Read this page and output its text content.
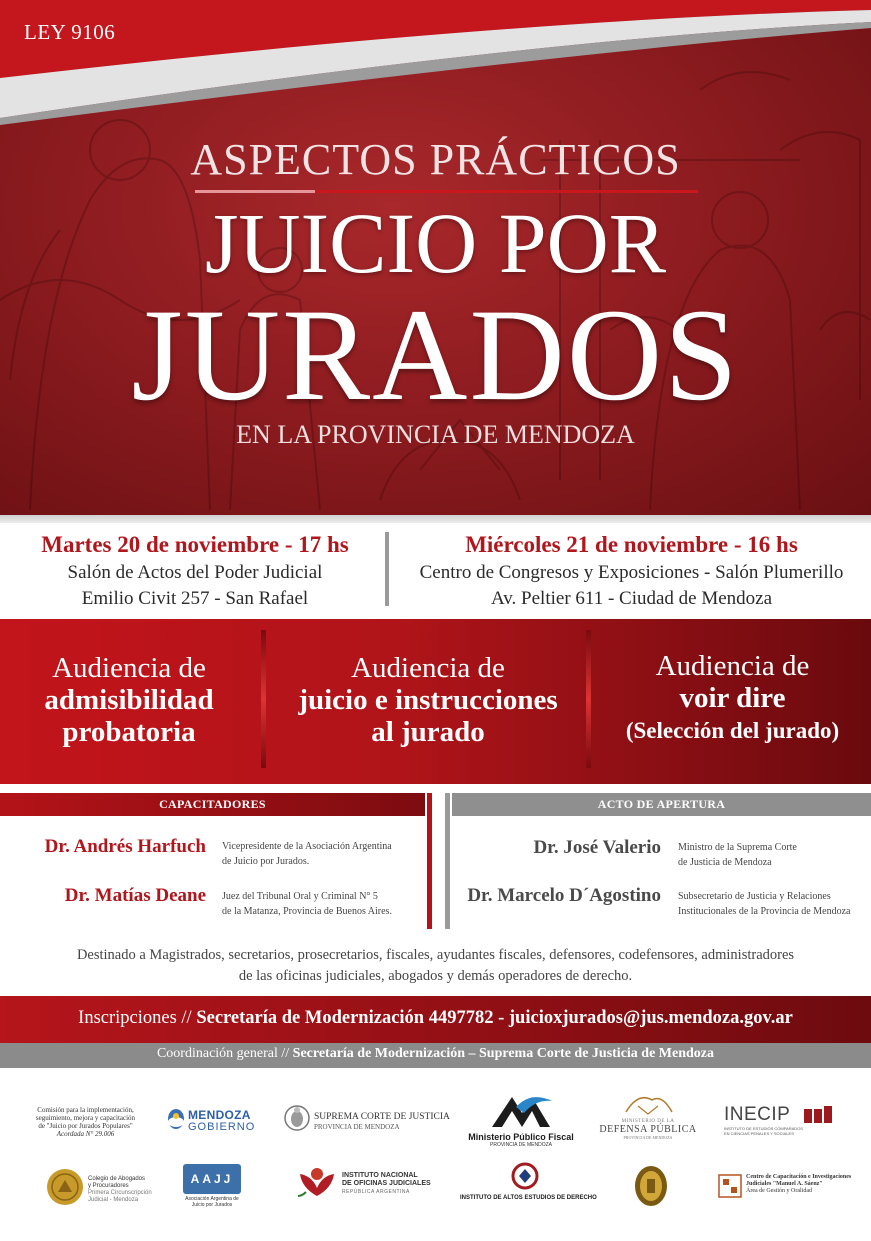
LEY 9106
ASPECTOS PRÁCTICOS
JUICIO POR
JURADOS
EN LA PROVINCIA DE MENDOZA
Martes 20 de noviembre - 17 hs
Salón de Actos del Poder Judicial
Emilio Civit 257 - San Rafael
Miércoles 21 de noviembre - 16 hs
Centro de Congresos y Exposiciones - Salón Plumerillo
Av. Peltier 611 - Ciudad de Mendoza
Audiencia de
admisibilidad
probatoria
Audiencia de
juicio e instrucciones
al jurado
Audiencia de
voir dire
(Selección del jurado)
CAPACITADORES	ACTO DE APERTURA
Dr. Andrés Harfuch Vicepresidente de la Asociación Argentina
de Juicio por Jurados.
Dr. Matías Deane Juez del Tribunal Oral y Criminal N° 5
de la Matanza, Provincia de Buenos Aires.
Dr. José Valerio Ministro de la Suprema Corte
de Justicia de Mendoza
Dr. Marcelo D´Agostino Subsecretario de Justicia y Relaciones
Institucionales de la Provincia de Mendoza
Destinado a Magistrados, secretarios, prosecretarios, fiscales, ayudantes fiscales, defensores, codefensores, administradores
de las oficinas judiciales, abogados y demás operadores de derecho.
Inscripciones // Secretaría de Modernización 4497782 - juicioxjurados@jus.mendoza.gov.ar
Coordinación general // Secretaría de Modernización – Suprema Corte de Justicia de Mendoza
Comisión para la implementación,
seguimiento, mejora y capacitación
de "Juicio por Jurados Populares"
Acordada N° 29.006
MENDOZA
GOBIERNO
SUPREMA CORTE DE JUSTICIA
PROVINCIA DE MENDOZA
Ministerio Público Fiscal
PROVINCIA DE MENDOZA
MINISTERIO DE LA
DEFENSA PÚBLICA
PROVINCIA DE MENDOZA
INECIP
INSTITUTO DE ESTUDIOS COMPARADOS
EN CIENCIAS PENALES Y SOCIALES
Colegio de Abogados
y Procuradores
Primera Circunscripción
Judicial - Mendoza
AAJJ
Asociación Argentina de
Juicio por Jurados
INSTITUTO NACIONAL
DE OFICINAS JUDICIALES
REPÚBLICA ARGENTINA
INSTITUTO DE ALTOS ESTUDIOS DE DERECHO
Centro de Capacitación e Investigaciones
Judiciales "Manuel A. Sáenz"
Área de Gestión y Oralidad
